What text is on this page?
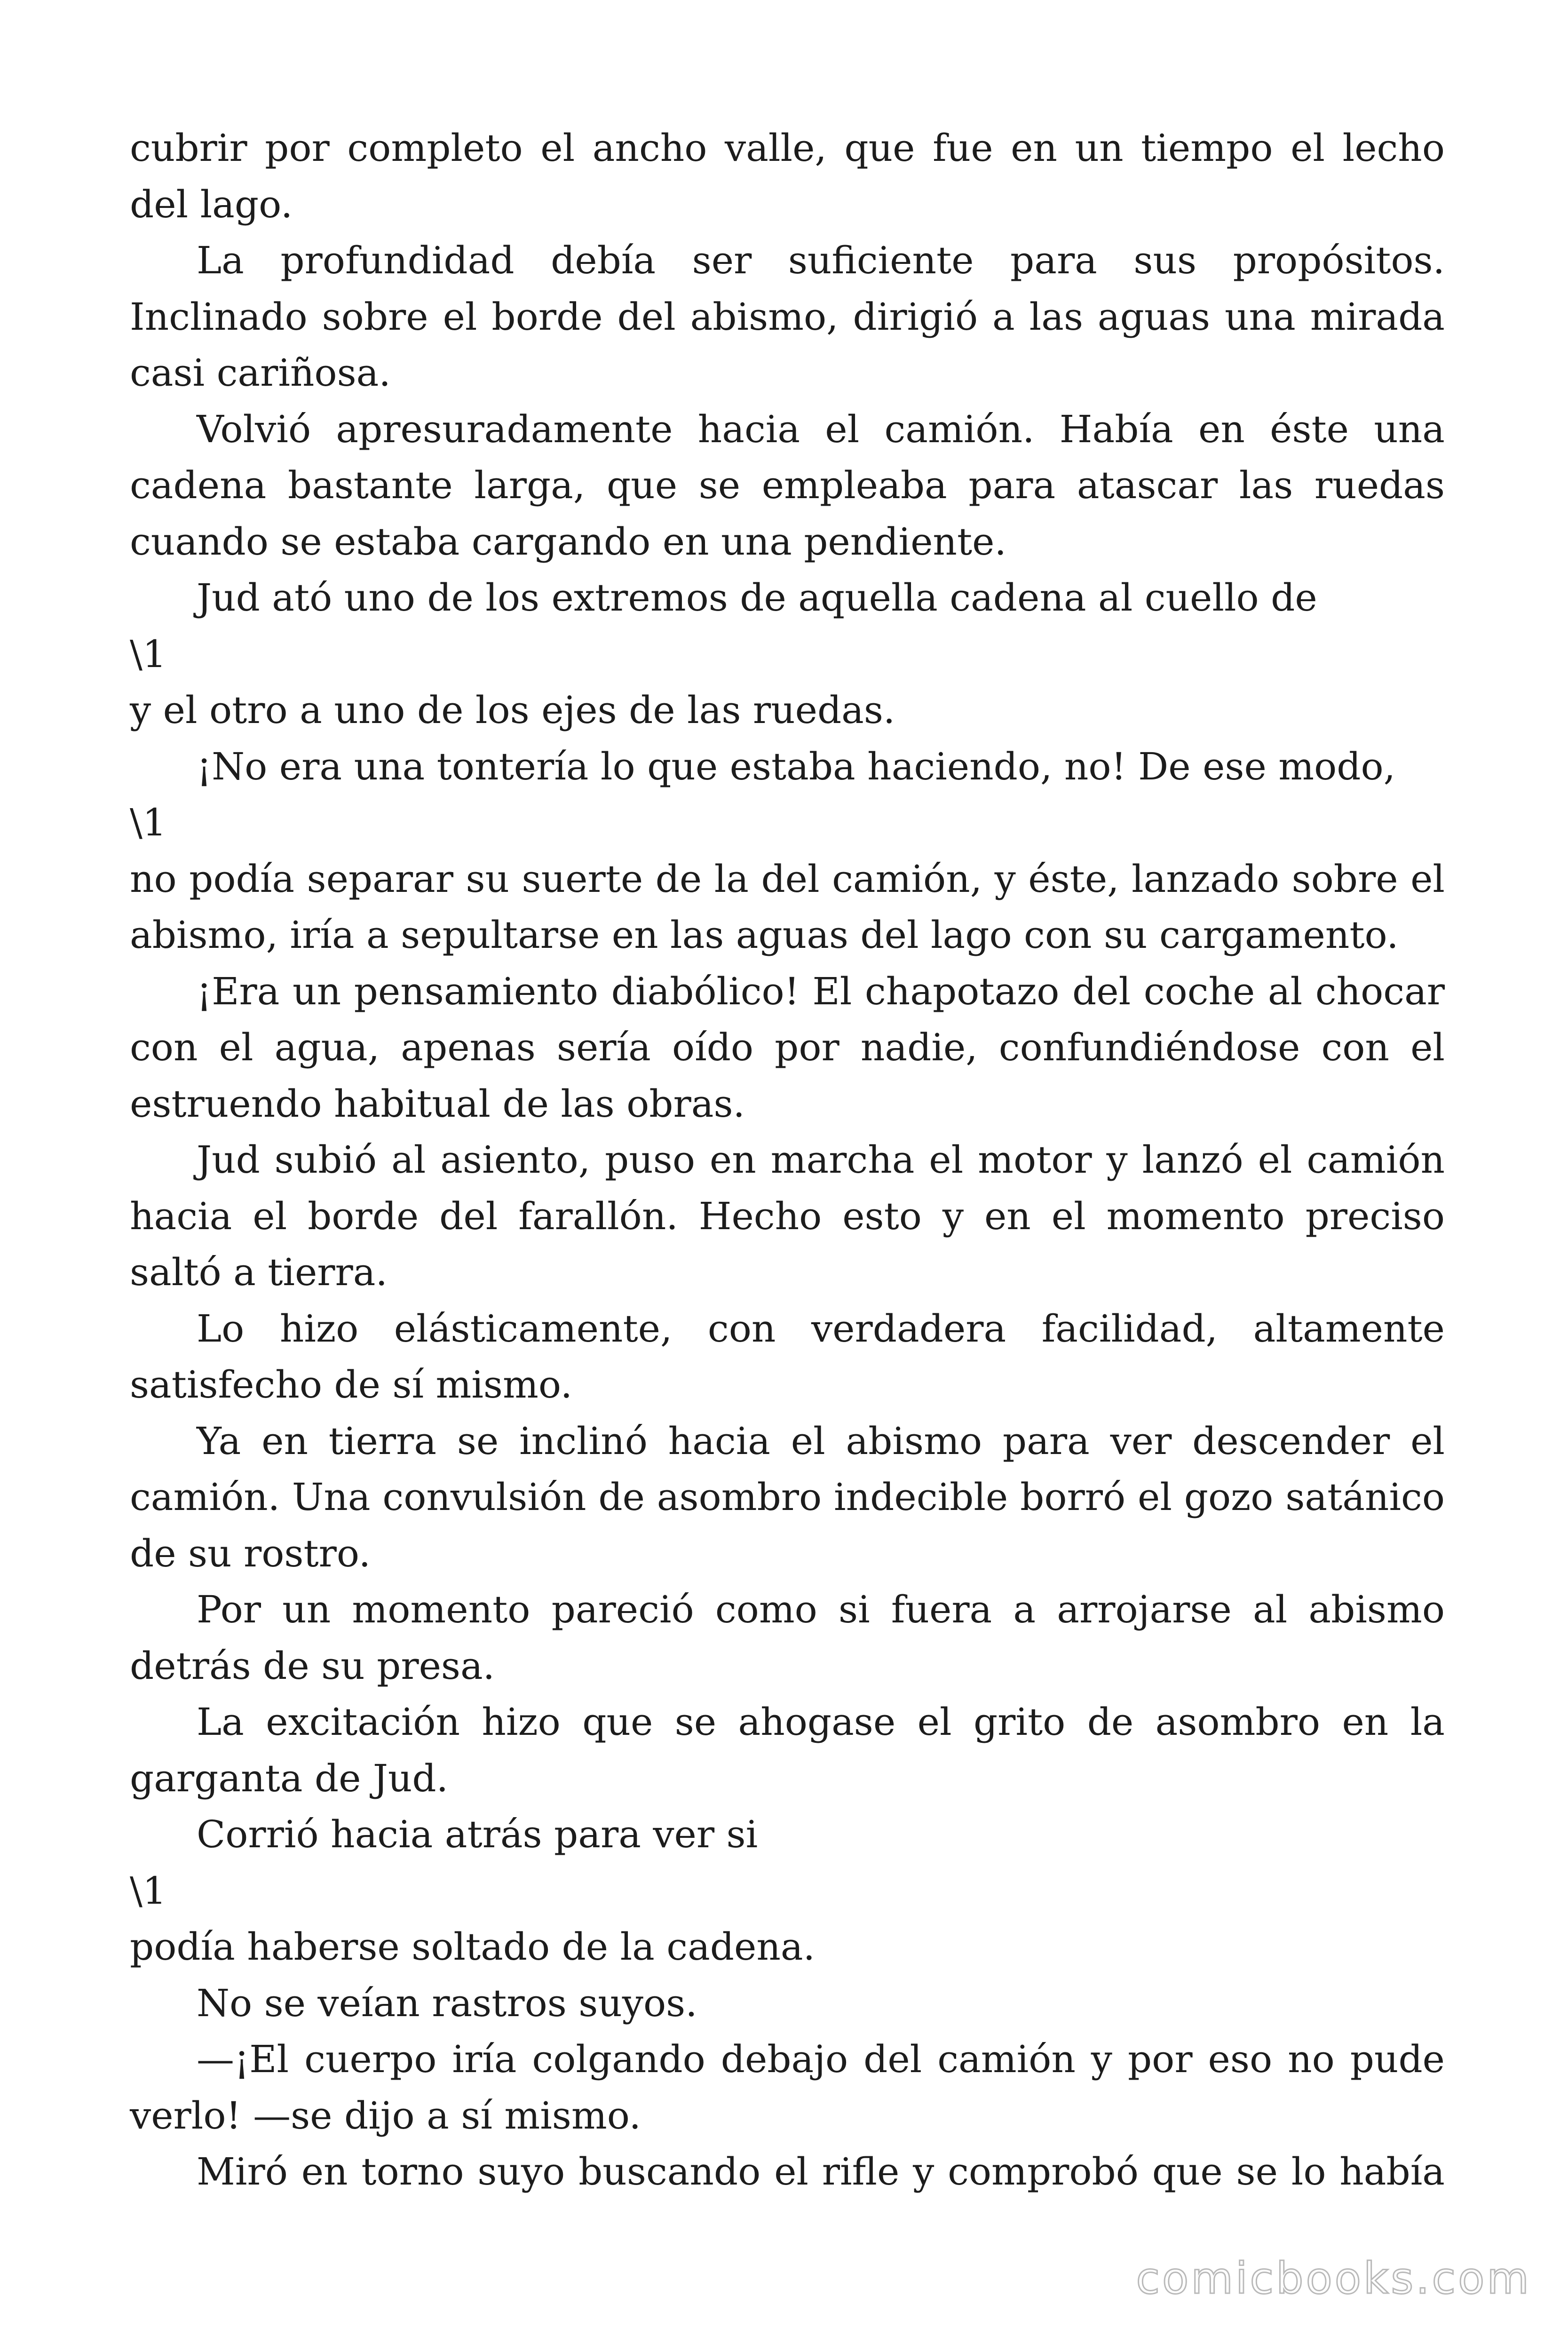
cubrir por completo el ancho valle, que fue en un tiempo el lecho del lago.

La profundidad debía ser suficiente para sus propósitos. Inclinado sobre el borde del abismo, dirigió a las aguas una mirada casi cariñosa.

Volvió apresuradamente hacia el camión. Había en éste una cadena bastante larga, que se empleaba para atascar las ruedas cuando se estaba cargando en una pendiente.

Jud ató uno de los extremos de aquella cadena al cuello de

\1

y el otro a uno de los ejes de las ruedas.

¡No era una tontería lo que estaba haciendo, no! De ese modo,

\1

no podía separar su suerte de la del camión, y éste, lanzado sobre el abismo, iría a sepultarse en las aguas del lago con su cargamento.

¡Era un pensamiento diabólico! El chapotazo del coche al chocar con el agua, apenas sería oído por nadie, confundiéndose con el estruendo habitual de las obras.

Jud subió al asiento, puso en marcha el motor y lanzó el camión hacia el borde del farallón. Hecho esto y en el momento preciso saltó a tierra.

Lo hizo elásticamente, con verdadera facilidad, altamente satisfecho de sí mismo.

Ya en tierra se inclinó hacia el abismo para ver descender el camión. Una convulsión de asombro indecible borró el gozo satánico de su rostro.

Por un momento pareció como si fuera a arrojarse al abismo detrás de su presa.

La excitación hizo que se ahogase el grito de asombro en la garganta de Jud.

Corrió hacia atrás para ver si

\1

podía haberse soltado de la cadena.

No se veían rastros suyos.

—¡El cuerpo iría colgando debajo del camión y por eso no pude verlo! —se dijo a sí mismo.

Miró en torno suyo buscando el rifle y comprobó que se lo había

comicbooks.com
